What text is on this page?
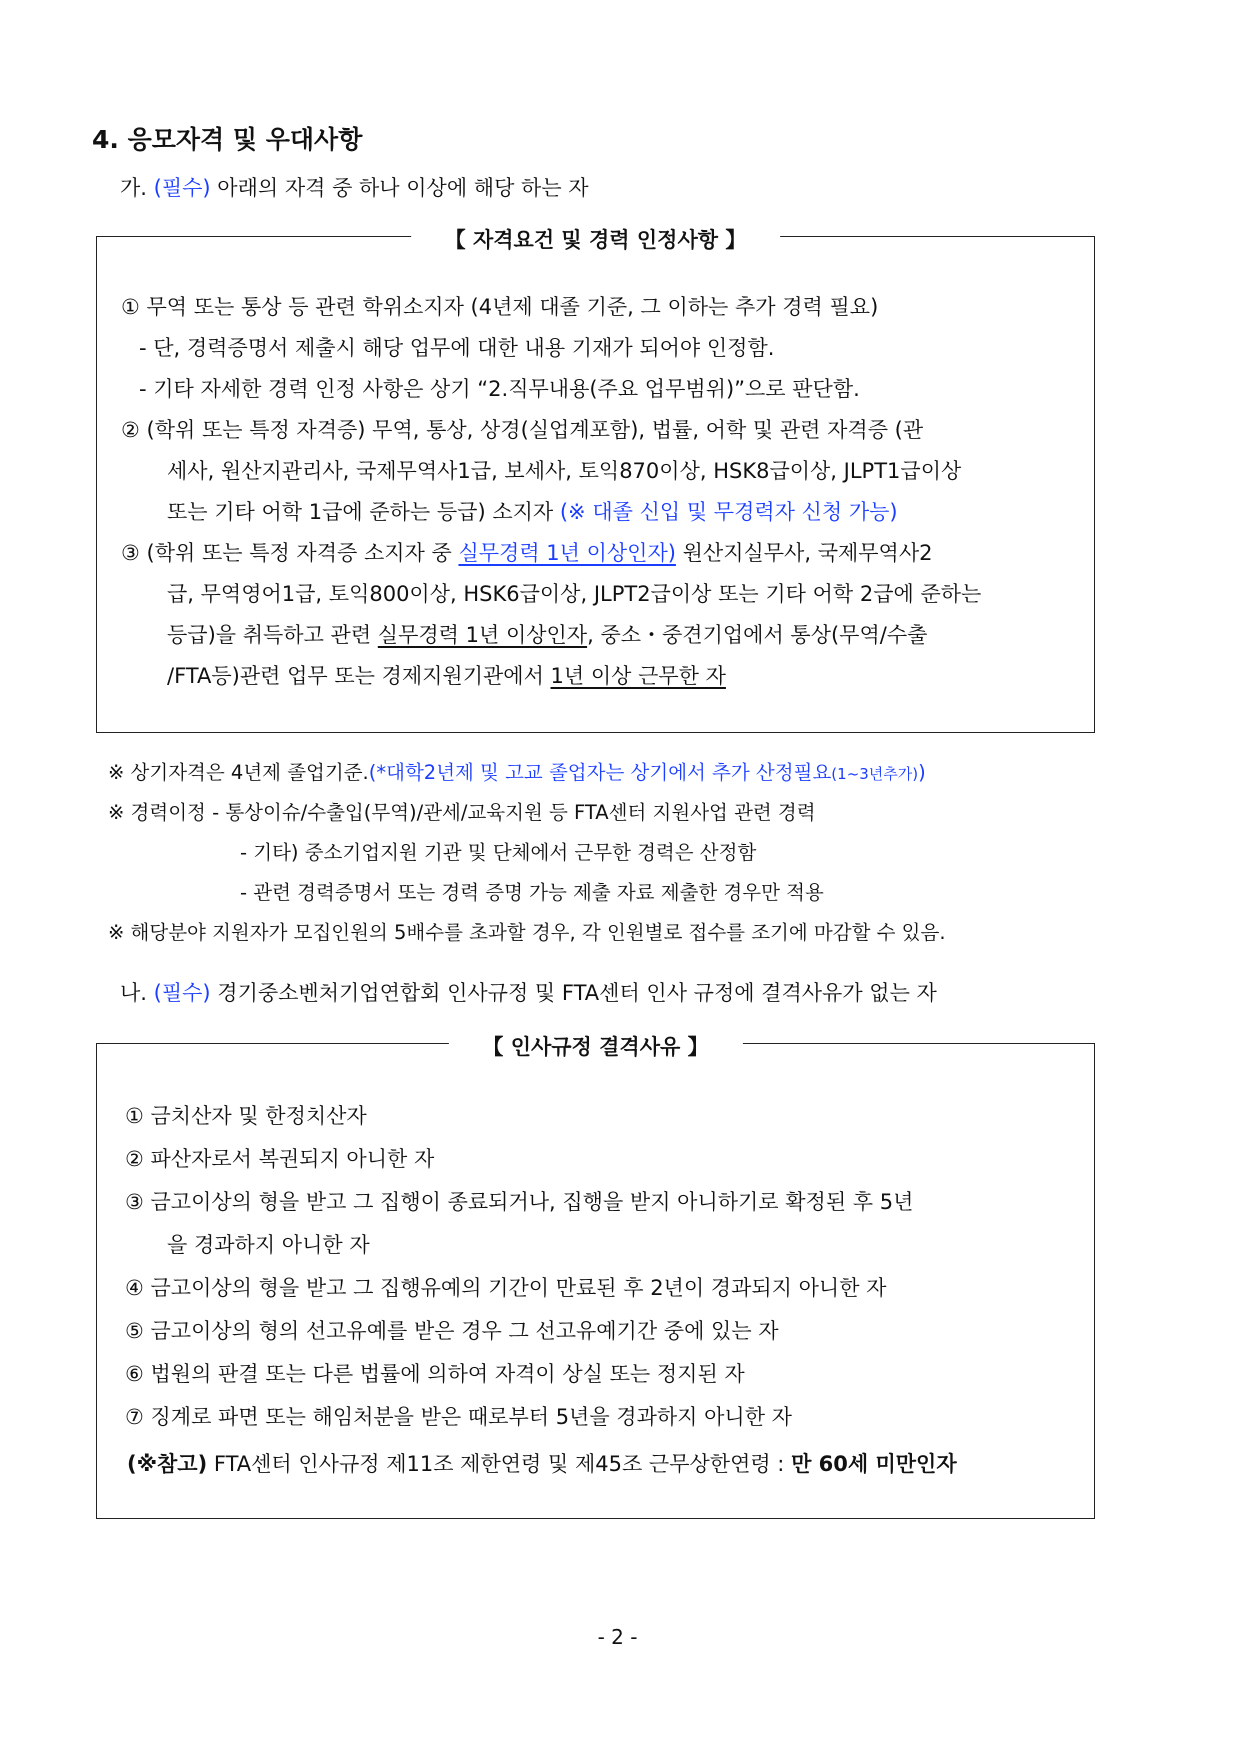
4. 응모자격 및 우대사항
가. (필수) 아래의 자격 중 하나 이상에 해당 하는 자
【 자격요건 및 경력 인정사항 】
① 무역 또는 통상 등 관련 학위소지자 (4년제 대졸 기준, 그 이하는 추가 경력 필요)
- 단, 경력증명서 제출시 해당 업무에 대한 내용 기재가 되어야 인정함.
- 기타 자세한 경력 인정 사항은 상기 “2.직무내용(주요 업무범위)”으로 판단함.
② (학위 또는 특정 자격증) 무역, 통상, 상경(실업계포함), 법률, 어학 및 관련 자격증 (관
세사, 원산지관리사, 국제무역사1급, 보세사, 토익870이상, HSK8급이상, JLPT1급이상
또는 기타 어학 1급에 준하는 등급) 소지자 (※ 대졸 신입 및 무경력자 신청 가능)
③ (학위 또는 특정 자격증 소지자 중 실무경력 1년 이상인자) 원산지실무사, 국제무역사2
급, 무역영어1급, 토익800이상, HSK6급이상, JLPT2급이상 또는 기타 어학 2급에 준하는
등급)을 취득하고 관련 실무경력 1년 이상인자, 중소・중견기업에서 통상(무역/수출
/FTA등)관련 업무 또는 경제지원기관에서 1년 이상 근무한 자
※ 상기자격은 4년제 졸업기준.(*대학2년제 및 고교 졸업자는 상기에서 추가 산정필요(1~3년추가))
※ 경력이정 - 통상이슈/수출입(무역)/관세/교육지원 등 FTA센터 지원사업 관련 경력
- 기타) 중소기업지원 기관 및 단체에서 근무한 경력은 산정함
- 관련 경력증명서 또는 경력 증명 가능 제출 자료 제출한 경우만 적용
※ 해당분야 지원자가 모집인원의 5배수를 초과할 경우, 각 인원별로 접수를 조기에 마감할 수 있음.
나. (필수) 경기중소벤처기업연합회 인사규정 및 FTA센터 인사 규정에 결격사유가 없는 자
【 인사규정 결격사유 】
① 금치산자 및 한정치산자
② 파산자로서 복권되지 아니한 자
③ 금고이상의 형을 받고 그 집행이 종료되거나, 집행을 받지 아니하기로 확정된 후 5년
을 경과하지 아니한 자
④ 금고이상의 형을 받고 그 집행유예의 기간이 만료된 후 2년이 경과되지 아니한 자
⑤ 금고이상의 형의 선고유예를 받은 경우 그 선고유예기간 중에 있는 자
⑥ 법원의 판결 또는 다른 법률에 의하여 자격이 상실 또는 정지된 자
⑦ 징계로 파면 또는 해임처분을 받은 때로부터 5년을 경과하지 아니한 자
(※참고) FTA센터 인사규정 제11조 제한연령 및 제45조 근무상한연령 : 만 60세 미만인자
- 2 -
